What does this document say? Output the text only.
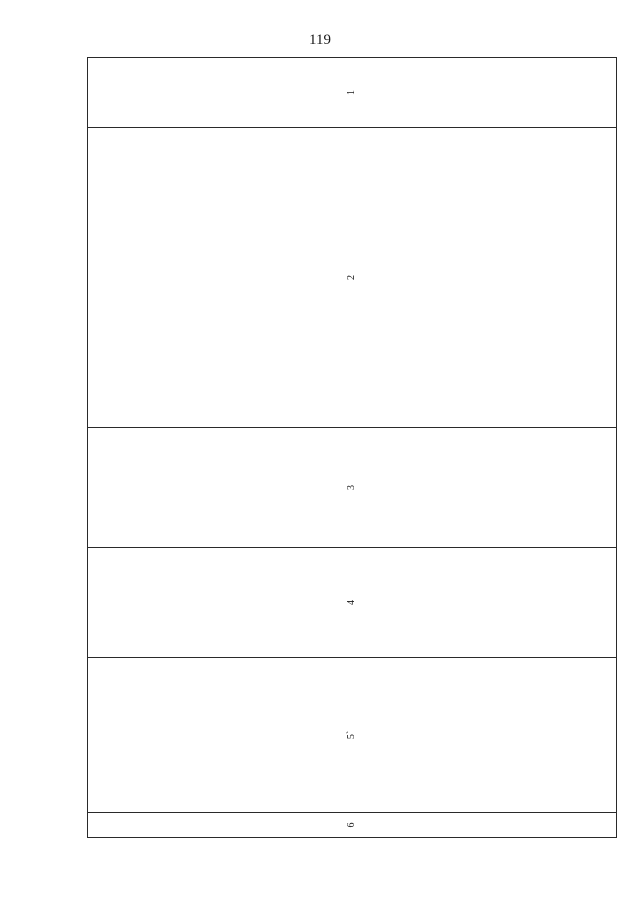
119
6	5`	4	3	2	1
